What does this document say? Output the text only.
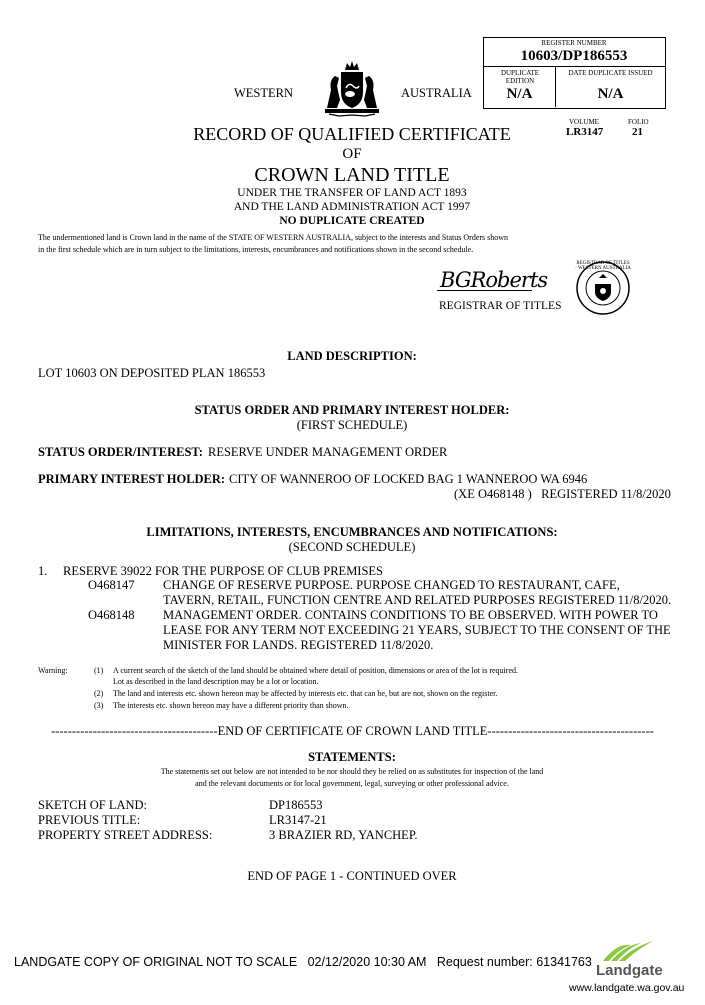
WESTERN	AUSTRALIA
REGISTER NUMBER
10603/DP186553
DUPLICATE EDITION
N/A
DATE DUPLICATE ISSUED
N/A
VOLUME
LR3147
FOLIO
21
RECORD OF QUALIFIED CERTIFICATE
OF
CROWN LAND TITLE
UNDER THE TRANSFER OF LAND ACT 1893
AND THE LAND ADMINISTRATION ACT 1997
NO DUPLICATE CREATED
The undermentioned land is Crown land in the name of the STATE OF WESTERN AUSTRALIA, subject to the interests and Status Orders shown
in the first schedule which are in turn subject to the limitations, interests, encumbrances and notifications shown in the second schedule.
BGRoberts
REGISTRAR OF TITLES
REGISTRAR OF TITLES · WESTERN AUSTRALIA
LAND DESCRIPTION:
LOT 10603 ON DEPOSITED PLAN 186553
STATUS ORDER AND PRIMARY INTEREST HOLDER:
(FIRST SCHEDULE)
STATUS ORDER/INTEREST: RESERVE UNDER MANAGEMENT ORDER
PRIMARY INTEREST HOLDER: CITY OF WANNEROO OF LOCKED BAG 1 WANNEROO WA 6946
(XE O468148 )   REGISTERED 11/8/2020
LIMITATIONS, INTERESTS, ENCUMBRANCES AND NOTIFICATIONS:
(SECOND SCHEDULE)
1. RESERVE 39022 FOR THE PURPOSE OF CLUB PREMISES
O468147 CHANGE OF RESERVE PURPOSE. PURPOSE CHANGED TO RESTAURANT, CAFE,
TAVERN, RETAIL, FUNCTION CENTRE AND RELATED PURPOSES REGISTERED 11/8/2020.
O468148 MANAGEMENT ORDER. CONTAINS CONDITIONS TO BE OBSERVED. WITH POWER TO
LEASE FOR ANY TERM NOT EXCEEDING 21 YEARS, SUBJECT TO THE CONSENT OF THE
MINISTER FOR LANDS. REGISTERED 11/8/2020.
Warning:	(1) A current search of the sketch of the land should be obtained where detail of position, dimensions or area of the lot is required.
Lot as described in the land description may be a lot or location.
(2) The land and interests etc. shown hereon may be affected by interests etc. that can be, but are not, shown on the register.
(3) The interests etc. shown hereon may have a different priority than shown.
----------------------------------------END OF CERTIFICATE OF CROWN LAND TITLE----------------------------------------
STATEMENTS:
The statements set out below are not intended to be nor should they be relied on as substitutes for inspection of the land
and the relevant documents or for local government, legal, surveying or other professional advice.
SKETCH OF LAND:	DP186553
PREVIOUS TITLE:	LR3147-21
PROPERTY STREET ADDRESS:	3 BRAZIER RD, YANCHEP.
END OF PAGE 1 - CONTINUED OVER
LANDGATE COPY OF ORIGINAL NOT TO SCALE   02/12/2020 10:30 AM   Request number: 61341763 Landgate
www.landgate.wa.gov.au
